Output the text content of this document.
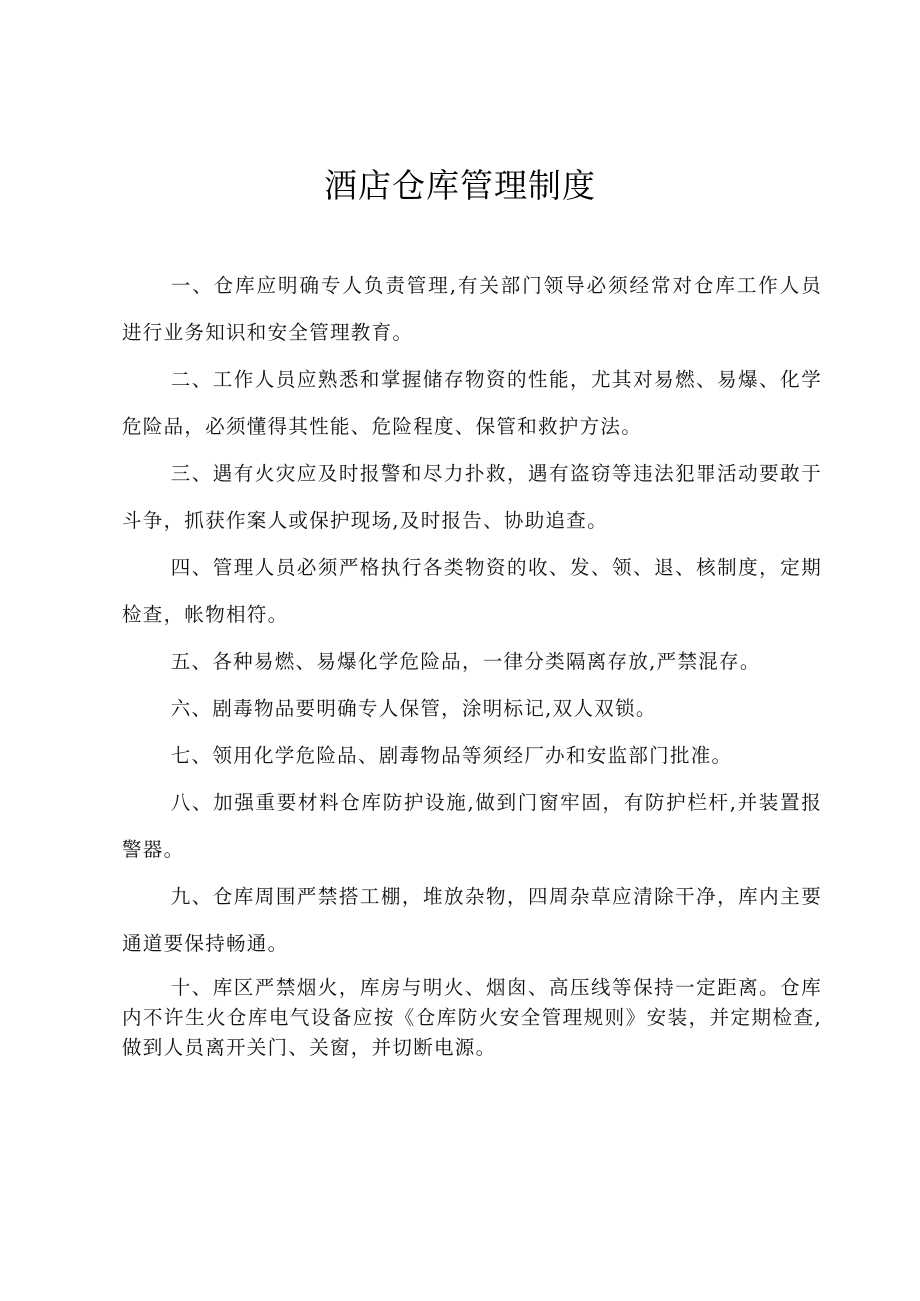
酒店仓库管理制度

一、仓库应明确专人负责管理,有关部门领导必须经常对仓库工作人员进行业务知识和安全管理教育。

二、工作人员应熟悉和掌握储存物资的性能，尤其对易燃、易爆、化学危险品，必须懂得其性能、危险程度、保管和救护方法。

三、遇有火灾应及时报警和尽力扑救，遇有盗窃等违法犯罪活动要敢于斗争，抓获作案人或保护现场,及时报告、协助追查。

四、管理人员必须严格执行各类物资的收、发、领、退、核制度，定期检查，帐物相符。

五、各种易燃、易爆化学危险品，一律分类隔离存放,严禁混存。

六、剧毒物品要明确专人保管，涂明标记,双人双锁。

七、领用化学危险品、剧毒物品等须经厂办和安监部门批准。

八、加强重要材料仓库防护设施,做到门窗牢固，有防护栏杆,并装置报警器。

九、仓库周围严禁搭工棚，堆放杂物，四周杂草应清除干净，库内主要通道要保持畅通。

十、库区严禁烟火，库房与明火、烟囱、高压线等保持一定距离。仓库内不许生火仓库电气设备应按《仓库防火安全管理规则》安装，并定期检查,做到人员离开关门、关窗，并切断电源。
